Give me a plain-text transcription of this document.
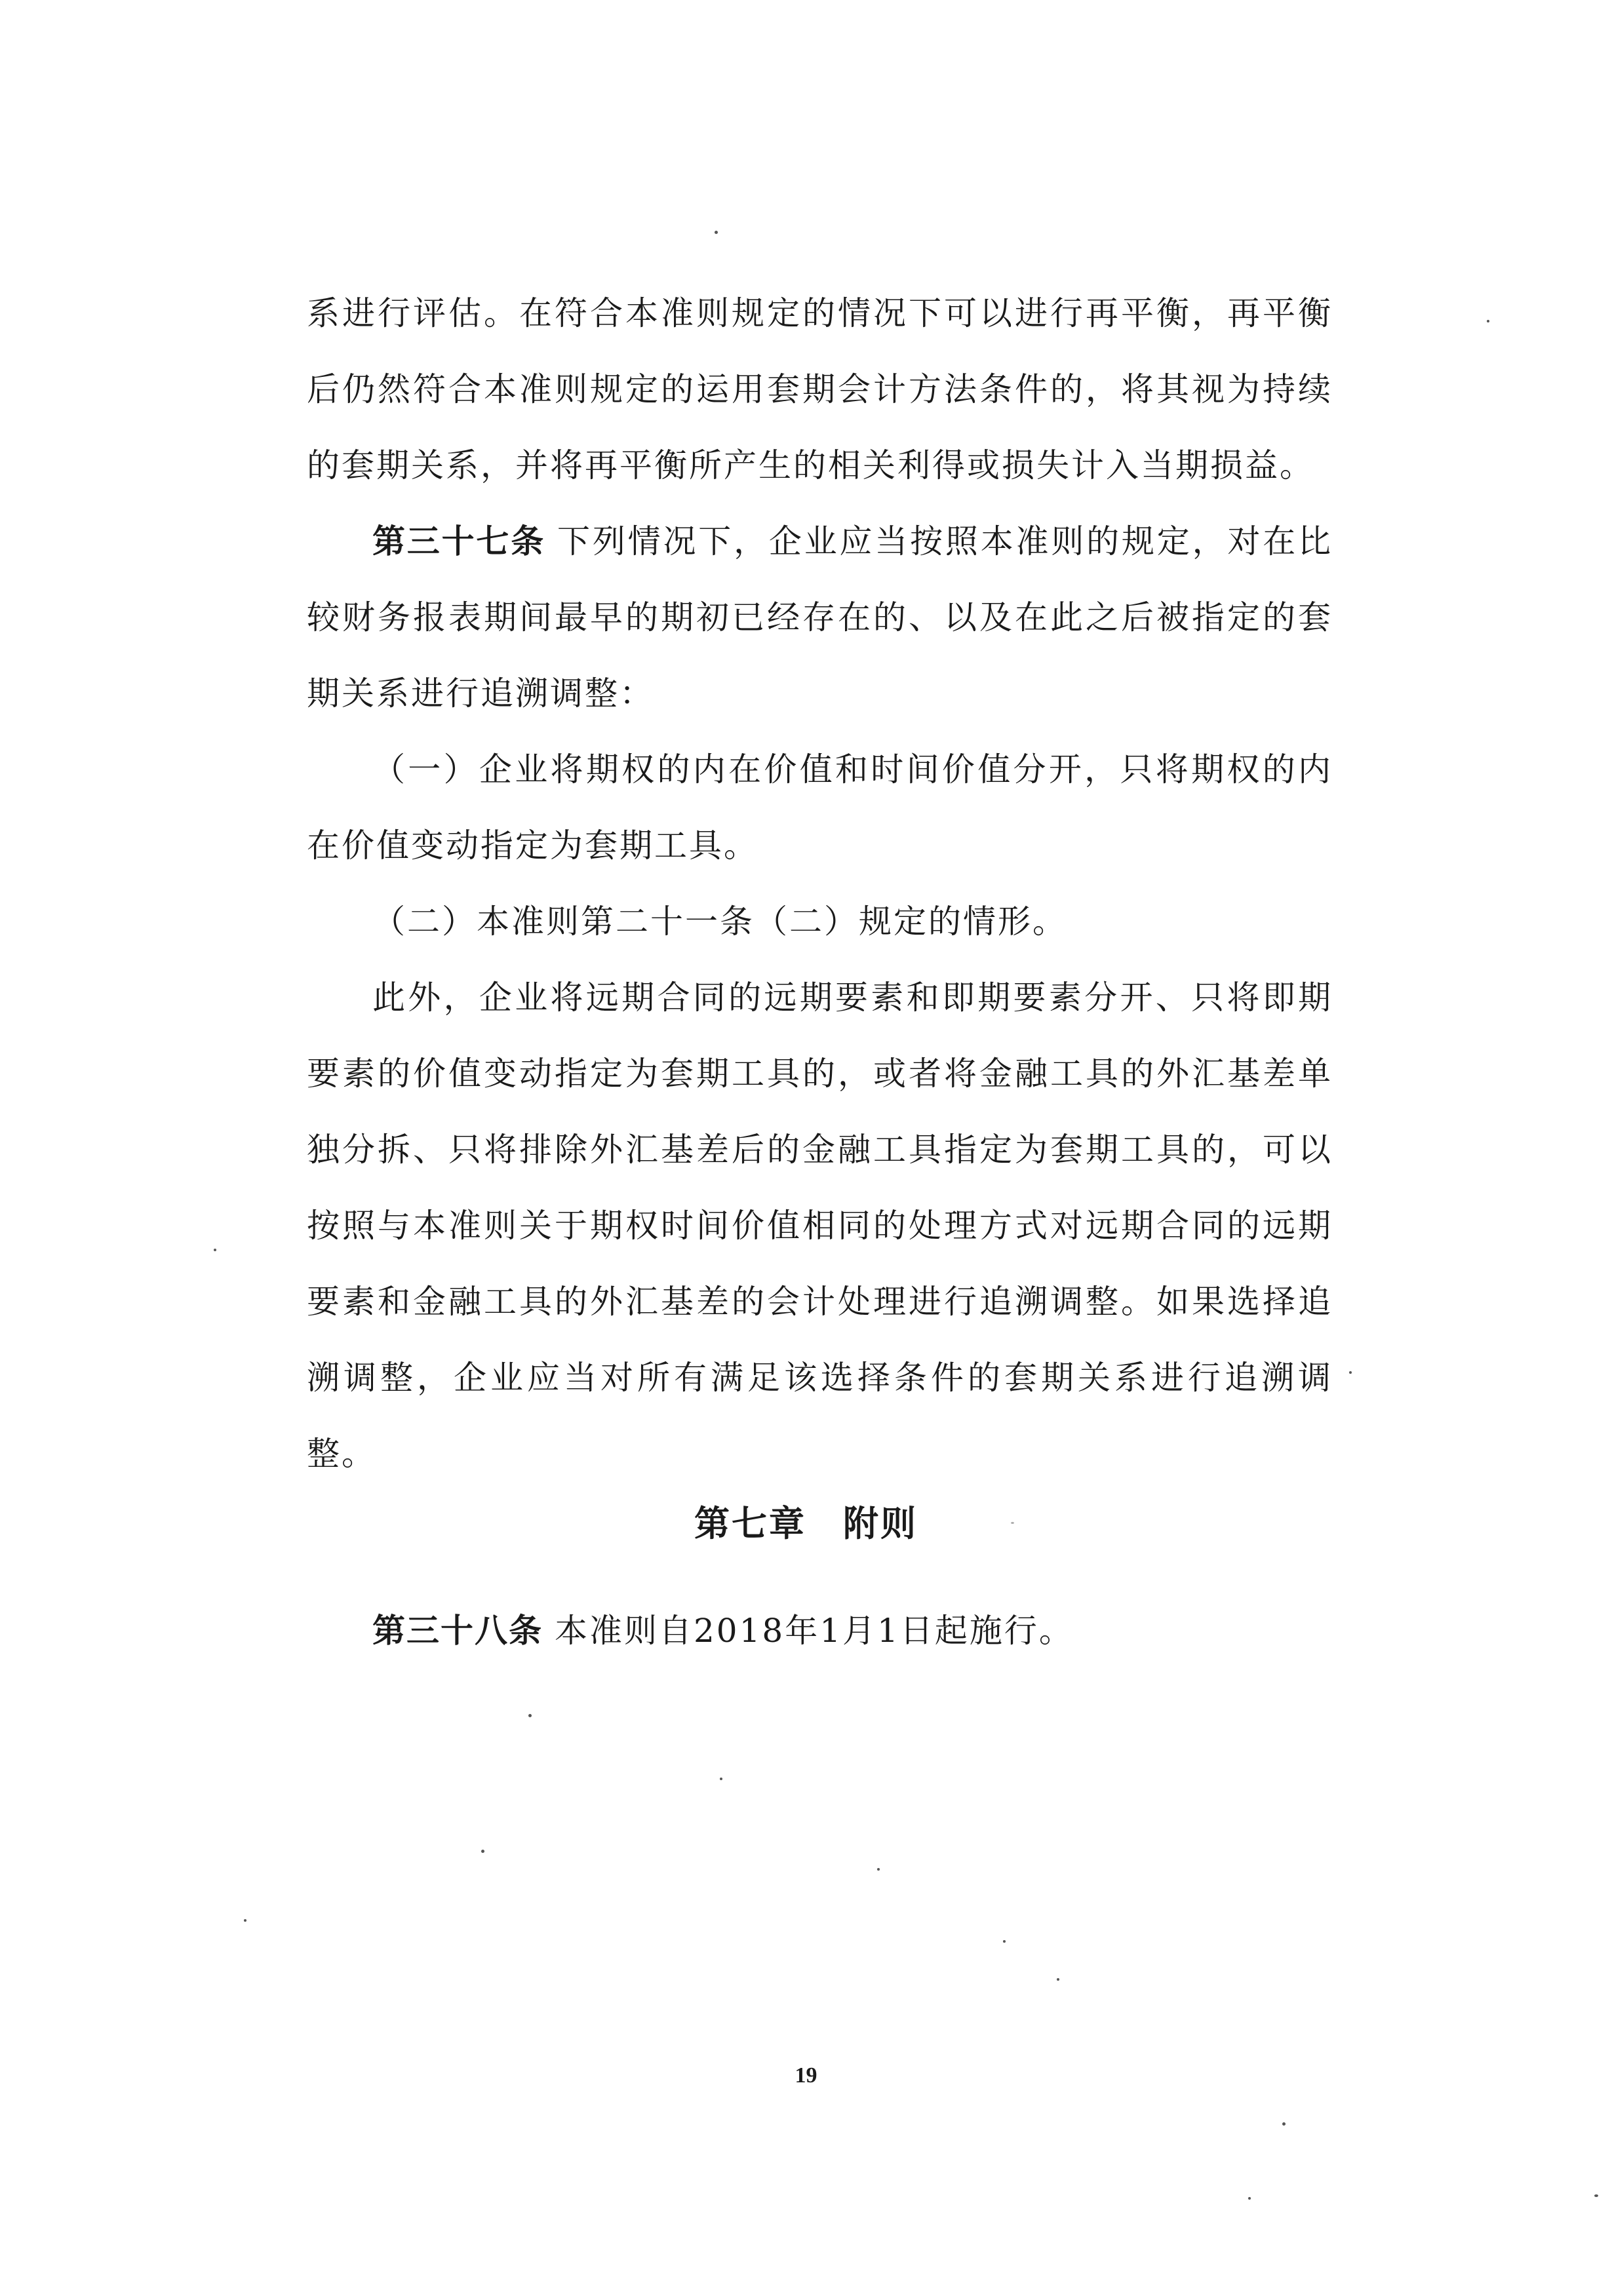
系进行评估。在符合本准则规定的情况下可以进行再平衡，再平衡后仍然符合本准则规定的运用套期会计方法条件的，将其视为持续的套期关系，并将再平衡所产生的相关利得或损失计入当期损益。

第三十七条 下列情况下，企业应当按照本准则的规定，对在比较财务报表期间最早的期初已经存在的、以及在此之后被指定的套期关系进行追溯调整：

（一）企业将期权的内在价值和时间价值分开，只将期权的内在价值变动指定为套期工具。

（二）本准则第二十一条（二）规定的情形。

此外，企业将远期合同的远期要素和即期要素分开、只将即期要素的价值变动指定为套期工具的，或者将金融工具的外汇基差单独分拆、只将排除外汇基差后的金融工具指定为套期工具的，可以按照与本准则关于期权时间价值相同的处理方式对远期合同的远期要素和金融工具的外汇基差的会计处理进行追溯调整。如果选择追溯调整，企业应当对所有满足该选择条件的套期关系进行追溯调整。

第七章 附则

第三十八条 本准则自2018年1月1日起施行。

19
